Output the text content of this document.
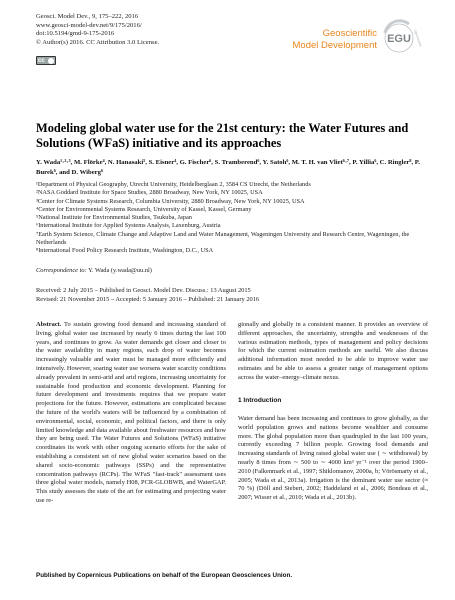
Geosci. Model Dev., 9, 175–222, 2016
www.geosci-model-dev.net/9/175/2016/
doi:10.5194/gmd-9-175-2016
© Author(s) 2016. CC Attribution 3.0 License.
cc
Geoscientific
Model Development EGU Open Access
Modeling global water use for the 21st century: the Water Futures and Solutions (WFaS) initiative and its approaches
Y. Wada¹·²·³, M. Flörke⁴, N. Hanasaki⁵, S. Eisner⁴, G. Fischer⁶, S. Tramberend⁶, Y. Satoh⁶, M. T. H. van Vliet⁶·⁷, P. Yillia⁶, C. Ringler⁸, P. Burek⁶, and D. Wiberg⁶
¹Department of Physical Geography, Utrecht University, Heidelberglaan 2, 3584 CS Utrecht, the Netherlands
²NASA Goddard Institute for Space Studies, 2880 Broadway, New York, NY 10025, USA
³Center for Climate Systems Research, Columbia University, 2880 Broadway, New York, NY 10025, USA
⁴Center for Environmental Systems Research, University of Kassel, Kassel, Germany
⁵National Institute for Environmental Studies, Tsukuba, Japan
⁶International Institute for Applied Systems Analysis, Laxenburg, Austria
⁷Earth System Science, Climate Change and Adaptive Land and Water Management, Wageningen University and Research Centre, Wageningen, the Netherlands
⁸International Food Policy Research Institute, Washington, D.C., USA
Correspondence to: Y. Wada (y.wada@uu.nl)
Received: 2 July 2015 – Published in Geosci. Model Dev. Discuss.: 13 August 2015
Revised: 21 November 2015 – Accepted: 5 January 2016 – Published: 21 January 2016
Abstract. To sustain growing food demand and increasing standard of living, global water use increased by nearly 6 times during the last 100 years, and continues to grow. As water demands get closer and closer to the water availability in many regions, each drop of water becomes increasingly valuable and water must be managed more efficiently and intensively. However, soaring water use worsens water scarcity conditions already prevalent in semi-arid and arid regions, increasing uncertainty for sustainable food production and economic development. Planning for future development and investments requires that we prepare water projections for the future. However, estimations are complicated because the future of the world's waters will be influenced by a combination of environmental, social, economic, and political factors, and there is only limited knowledge and data available about freshwater resources and how they are being used. The Water Futures and Solutions (WFaS) initiative coordinates its work with other ongoing scenario efforts for the sake of establishing a consistent set of new global water scenarios based on the shared socio-economic pathways (SSPs) and the representative concentration pathways (RCPs). The WFaS "fast-track" assessment uses three global water models, namely H08, PCR-GLOBWB, and WaterGAP. This study assesses the state of the art for estimating and projecting water use re-
gionally and globally in a consistent manner. It provides an overview of different approaches, the uncertainty, strengths and weaknesses of the various estimation methods, types of management and policy decisions for which the current estimation methods are useful. We also discuss additional information most needed to be able to improve water use estimates and be able to assess a greater range of management options across the water–energy–climate nexus.
1 Introduction
Water demand has been increasing and continues to grow globally, as the world population grows and nations become wealthier and consume more. The global population more than quadrupled in the last 100 years, currently exceeding 7 billion people. Growing food demands and increasing standards of living raised global water use ( ∼ withdrawal) by nearly 8 times from ∼ 500 to ∼ 4000 km³ yr⁻¹ over the period 1900–2010 (Falkenmark et al., 1997; Shiklomanov, 2000a, b; Vörösmarty et al., 2005; Wada et al., 2013a). Irrigation is the dominant water use sector (≈ 70 %) (Döll and Siebert, 2002; Haddeland et al., 2006; Bondeau et al., 2007; Wisser et al., 2010; Wada et al., 2013b).
Published by Copernicus Publications on behalf of the European Geosciences Union.
